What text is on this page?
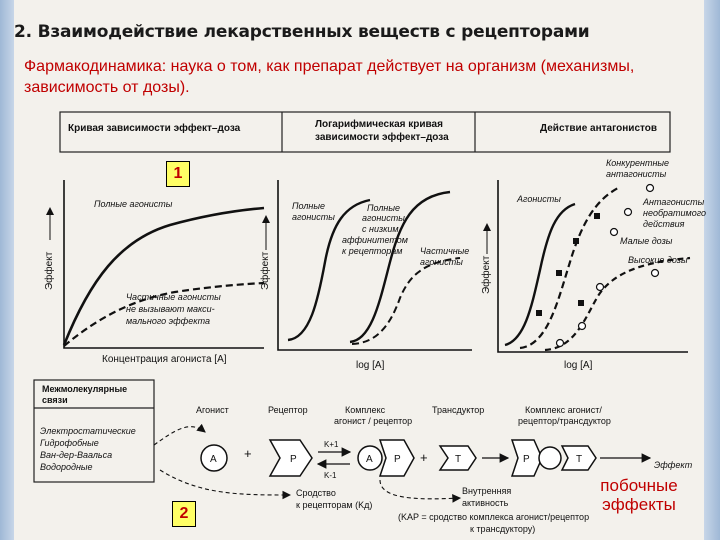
2. Взаимодействие лекарственных веществ с рецепторами
Фармакодинамика: наука о том, как препарат действует на организм (механизмы, зависимость от дозы).
Кривая зависимости эффект–доза	Логарифмическая кривая
зависимости эффект–доза
Действие антагонистов
Эффект
Полные агонисты
Частичные агонисты
не вызывают макси-
мального эффекта
Концентрация агониста [A]
Эффект
Полные
агонисты
Полные
агонисты
с низким
аффинитетом
к рецепторам Частичные
агонисты
log [A]
Эффект
Агонисты
Конкурентные
антагонисты
Антагонисты
необратимого
действия
Малые дозы
Высокие дозы
log [A]
Межмолекулярные
связи
Электростатические
Гидрофобные
Ван-дер-Ваальса
Водородные
Агонист	Рецептор	Комплекс
агонист / рецептор
Трансдуктор	Комплекс агонист/
рецептор/трансдуктор
A +	P
K+1
K-1
A P +	T	P	T	Эффект
Сродство
к рецепторам (Kд)
Внутренняя
активность
(KAP = сродство комплекса агонист/рецептор
к трансдуктору)
1
2
побочные эффекты
